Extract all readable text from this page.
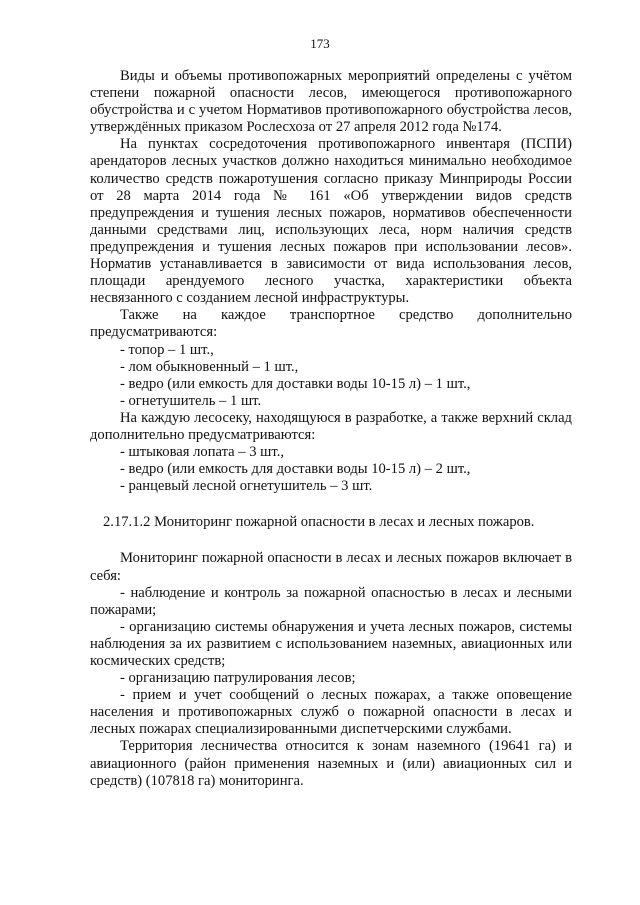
173

Виды и объемы противопожарных мероприятий определены с учётом степени пожарной опасности лесов, имеющегося противопожарного обустройства и с учетом Нормативов противопожарного обустройства лесов, утверждённых приказом Рослесхоза от 27 апреля 2012 года №174.

На пунктах сосредоточения противопожарного инвентаря (ПСПИ) арендаторов лесных участков должно находиться минимально необходимое количество средств пожаротушения согласно приказу Минприроды России от 28 марта 2014 года № 161 «Об утверждении видов средств предупреждения и тушения лесных пожаров, нормативов обеспеченности данными средствами лиц, использующих леса, норм наличия средств предупреждения и тушения лесных пожаров при использовании лесов». Норматив устанавливается в зависимости от вида использования лесов, площади арендуемого лесного участка, характеристики объекта несвязанного с созданием лесной инфраструктуры.

Также на каждое транспортное средство дополнительно предусматриваются:

- топор – 1 шт.,

- лом обыкновенный – 1 шт.,

- ведро (или емкость для доставки воды 10-15 л) – 1 шт.,

- огнетушитель – 1 шт.

На каждую лесосеку, находящуюся в разработке, а также верхний склад дополнительно предусматриваются:

- штыковая лопата – 3 шт.,

- ведро (или емкость для доставки воды 10-15 л) – 2 шт.,

- ранцевый лесной огнетушитель – 3 шт.

2.17.1.2 Мониторинг пожарной опасности в лесах и лесных пожаров.

Мониторинг пожарной опасности в лесах и лесных пожаров включает в себя:

- наблюдение и контроль за пожарной опасностью в лесах и лесными пожарами;

- организацию системы обнаружения и учета лесных пожаров, системы наблюдения за их развитием с использованием наземных, авиационных или космических средств;

- организацию патрулирования лесов;

- прием и учет сообщений о лесных пожарах, а также оповещение населения и противопожарных служб о пожарной опасности в лесах и лесных пожарах специализированными диспетчерскими службами.

Территория лесничества относится к зонам наземного (19641 га) и авиационного (район применения наземных и (или) авиационных сил и средств) (107818 га) мониторинга.
